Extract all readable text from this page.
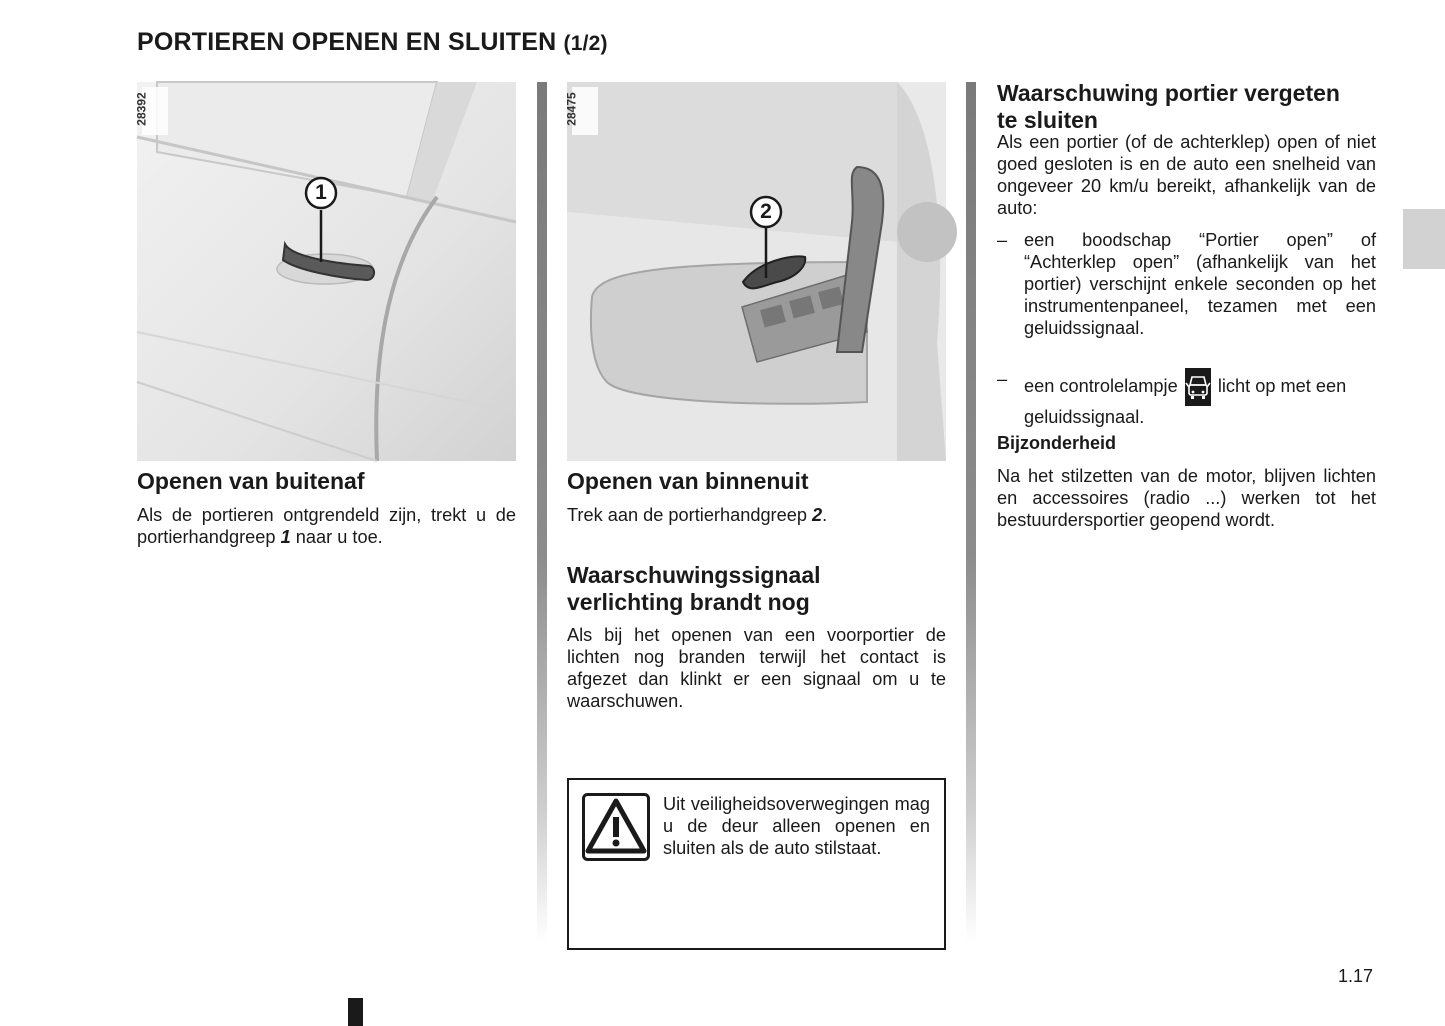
PORTIEREN OPENEN EN SLUITEN (1/2)
1
28392
Openen van buitenaf

Als de portieren ontgrendeld zijn, trekt u de portierhandgreep 1 naar u toe.

2
28475
Openen van binnenuit

Trek aan de portierhandgreep 2.

Waarschuwingssignaal
verlichting brandt nog

Als bij het openen van een voorportier de lichten nog branden terwijl het contact is afgezet dan klinkt er een signaal om u te waarschuwen.

Uit veiligheidsoverwegingen mag u de deur alleen openen en sluiten als de auto stilstaat.

Waarschuwing portier vergeten
te sluiten

Als een portier (of de achterklep) open of niet goed gesloten is en de auto een snelheid van ongeveer 20 km/u bereikt, afhankelijk van de auto:

– een boodschap “Portier open” of “Achterklep open” (afhankelijk van het portier) verschijnt enkele seconden op het instrumentenpaneel, tezamen met een geluidssignaal.
– een controlelampje licht op met een geluidssignaal.
Bijzonderheid

Na het stilzetten van de motor, blijven lichten en accessoires (radio ...) werken tot het bestuurdersportier geopend wordt.

1.17
